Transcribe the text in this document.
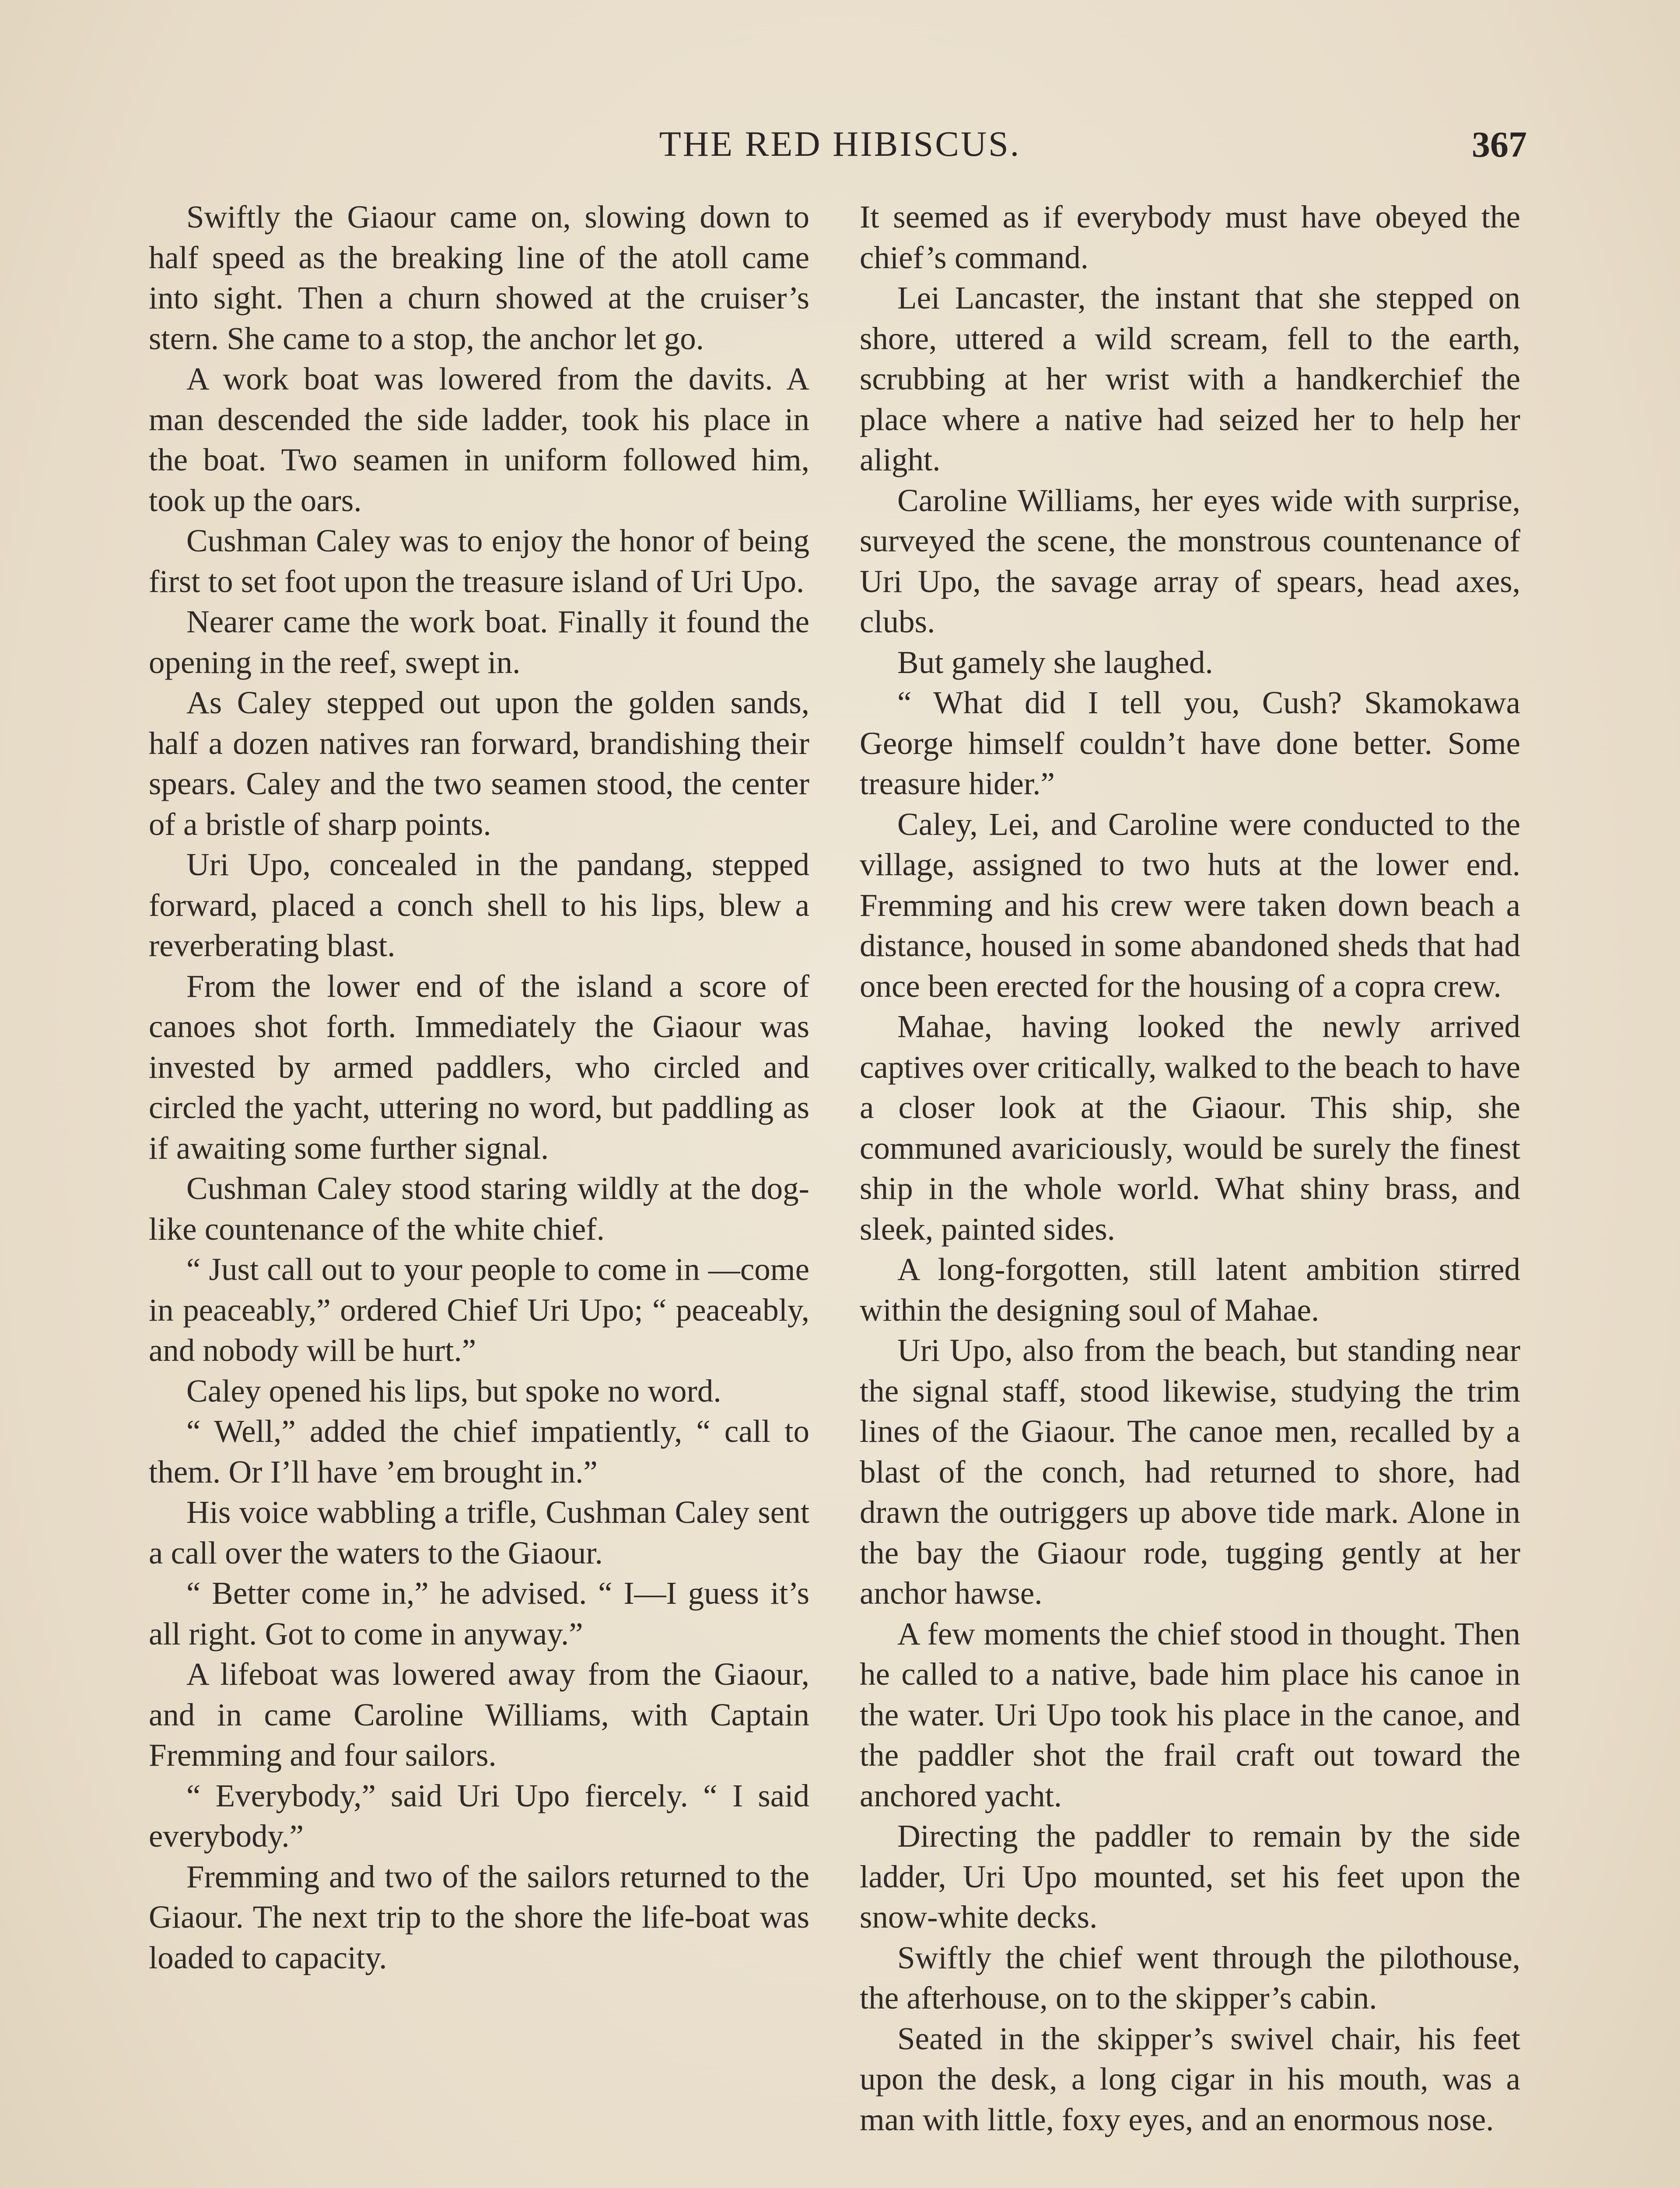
THE RED HIBISCUS.	367

Swiftly the Giaour came on, slowing down to half speed as the breaking line of the atoll came into sight. Then a churn showed at the cruiser’s stern. She came to a stop, the anchor let go.

A work boat was lowered from the davits. A man descended the side ladder, took his place in the boat. Two seamen in uniform followed him, took up the oars.

Cushman Caley was to enjoy the honor of being first to set foot upon the treasure island of Uri Upo.

Nearer came the work boat. Finally it found the opening in the reef, swept in.

As Caley stepped out upon the golden sands, half a dozen natives ran forward, brandishing their spears. Caley and the two seamen stood, the center of a bristle of sharp points.

Uri Upo, concealed in the pandang, stepped forward, placed a conch shell to his lips, blew a reverberating blast.

From the lower end of the island a score of canoes shot forth. Immediately the Giaour was invested by armed paddlers, who circled and circled the yacht, uttering no word, but paddling as if awaiting some further signal.

Cushman Caley stood staring wildly at the dog-like countenance of the white chief.

“ Just call out to your people to come in —come in peaceably,” ordered Chief Uri Upo; “ peaceably, and nobody will be hurt.”

Caley opened his lips, but spoke no word.

“ Well,” added the chief impatiently, “ call to them. Or I’ll have ’em brought in.”

His voice wabbling a trifle, Cushman Caley sent a call over the waters to the Giaour.

“ Better come in,” he advised. “ I—I guess it’s all right. Got to come in anyway.”

A lifeboat was lowered away from the Giaour, and in came Caroline Williams, with Captain Fremming and four sailors.

“ Everybody,” said Uri Upo fiercely. “ I said everybody.”

Fremming and two of the sailors returned to the Giaour. The next trip to the shore the life-boat was loaded to capacity.

It seemed as if everybody must have obeyed the chief’s command.

Lei Lancaster, the instant that she stepped on shore, uttered a wild scream, fell to the earth, scrubbing at her wrist with a handkerchief the place where a native had seized her to help her alight.

Caroline Williams, her eyes wide with surprise, surveyed the scene, the monstrous countenance of Uri Upo, the savage array of spears, head axes, clubs.

But gamely she laughed.

“ What did I tell you, Cush? Skamokawa George himself couldn’t have done better. Some treasure hider.”

Caley, Lei, and Caroline were conducted to the village, assigned to two huts at the lower end. Fremming and his crew were taken down beach a distance, housed in some abandoned sheds that had once been erected for the housing of a copra crew.

Mahae, having looked the newly arrived captives over critically, walked to the beach to have a closer look at the Giaour. This ship, she communed avariciously, would be surely the finest ship in the whole world. What shiny brass, and sleek, painted sides.

A long-forgotten, still latent ambition stirred within the designing soul of Mahae.

Uri Upo, also from the beach, but standing near the signal staff, stood likewise, studying the trim lines of the Giaour. The canoe men, recalled by a blast of the conch, had returned to shore, had drawn the outriggers up above tide mark. Alone in the bay the Giaour rode, tugging gently at her anchor hawse.

A few moments the chief stood in thought. Then he called to a native, bade him place his canoe in the water. Uri Upo took his place in the canoe, and the paddler shot the frail craft out toward the anchored yacht.

Directing the paddler to remain by the side ladder, Uri Upo mounted, set his feet upon the snow-white decks.

Swiftly the chief went through the pilothouse, the afterhouse, on to the skipper’s cabin.

Seated in the skipper’s swivel chair, his feet upon the desk, a long cigar in his mouth, was a man with little, foxy eyes, and an enormous nose.
